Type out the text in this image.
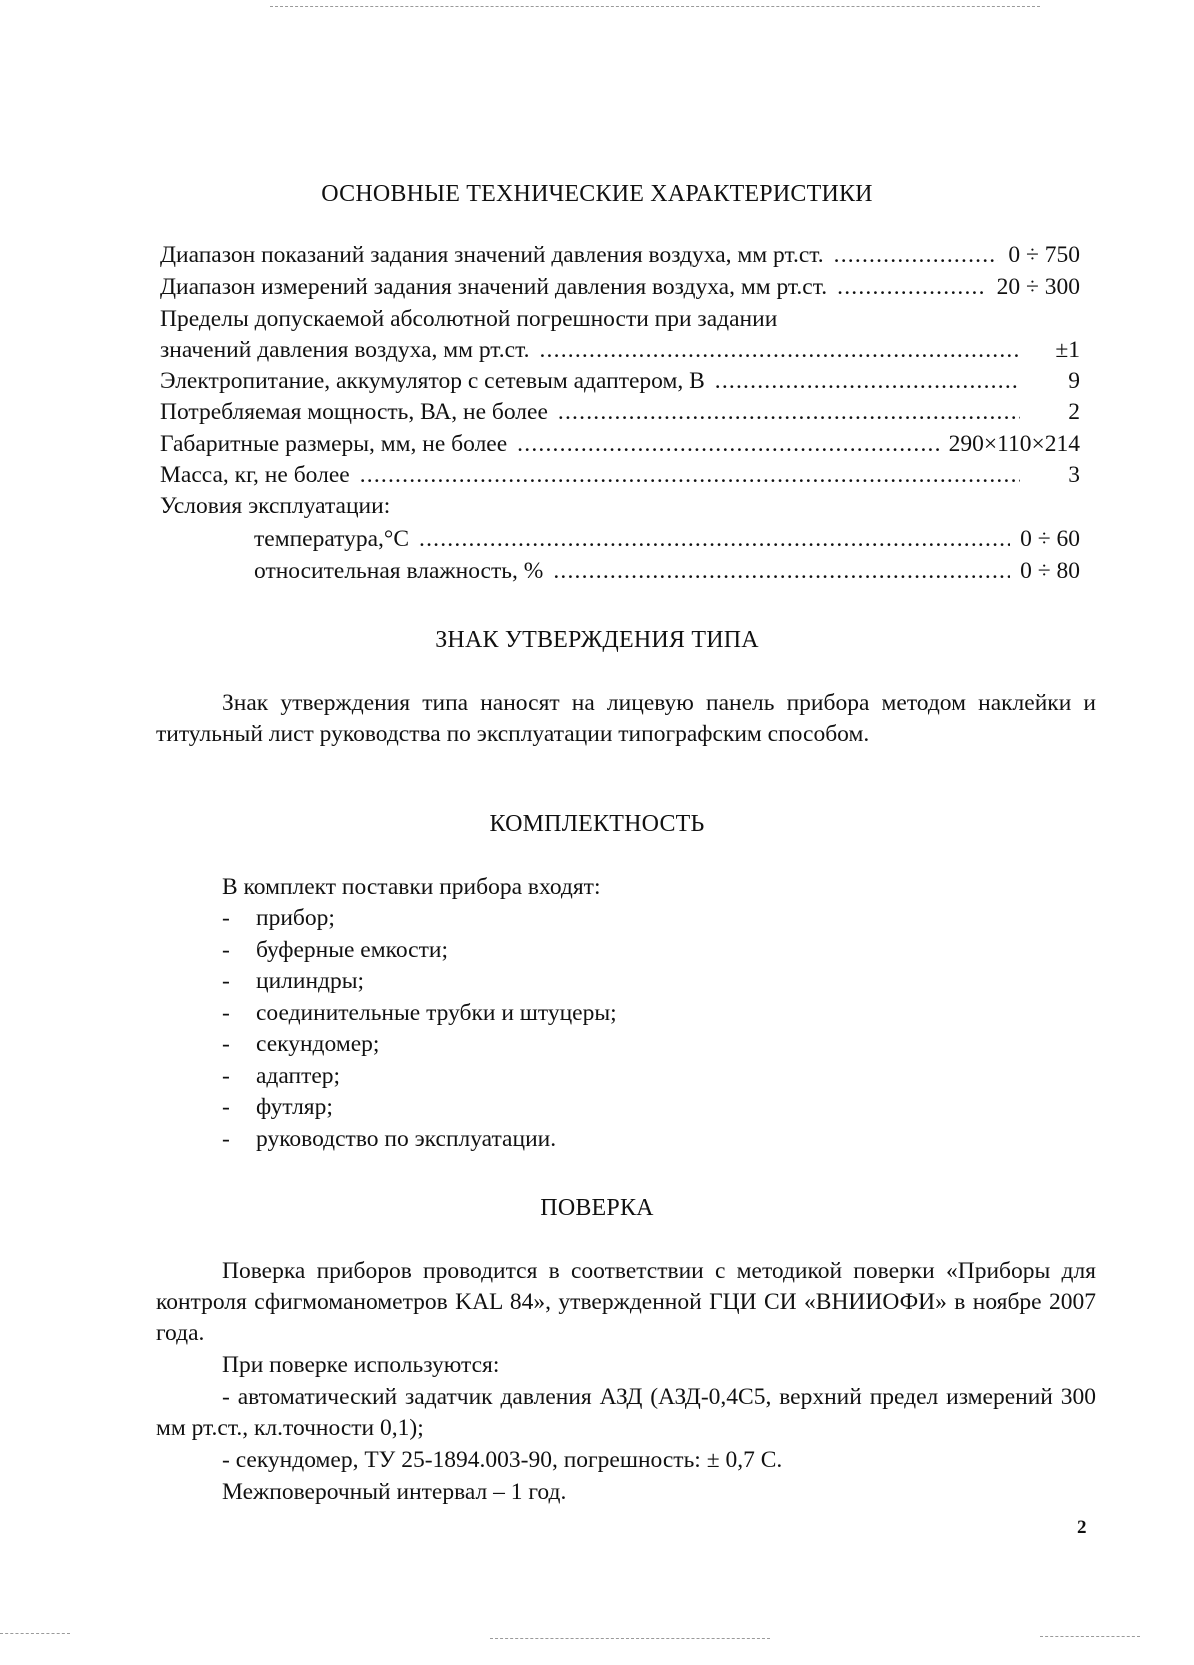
ОСНОВНЫЕ ТЕХНИЧЕСКИЕ ХАРАКТЕРИСТИКИ
Диапазон показаний задания значений давления воздуха, мм рт.ст. .....	0 ÷ 750
Диапазон измерений задания значений давления воздуха, мм рт.ст. .....	20 ÷ 300
Пределы допускаемой абсолютной погрешности при задании
значений давления воздуха, мм рт.ст. .....	±1
Электропитание, аккумулятор с сетевым адаптером, В .....	9
Потребляемая мощность, ВА, не более .....	2
Габаритные размеры, мм, не более .....	290×110×214
Масса, кг, не более .....	3
Условия эксплуатации:
температура,°С .....	0 ÷ 60
относительная влажность, % .....	0 ÷ 80
ЗНАК УТВЕРЖДЕНИЯ ТИПА

Знак утверждения типа наносят на лицевую панель прибора методом наклейки и титульный лист руководства по эксплуатации типографским способом.

КОМПЛЕКТНОСТЬ

В комплект поставки прибора входят:

-	прибор;
-	буферные емкости;
-	цилиндры;
-	соединительные трубки и штуцеры;
-	секундомер;
-	адаптер;
-	футляр;
-	руководство по эксплуатации.
ПОВЕРКА

Поверка приборов проводится в соответствии с методикой поверки «Приборы для контроля сфигмоманометров KAL 84», утвержденной ГЦИ СИ «ВНИИОФИ» в ноябре 2007 года.

При поверке используются:

- автоматический задатчик давления АЗД (АЗД-0,4С5, верхний предел измерений 300 мм рт.ст., кл.точности 0,1);

- секундомер, ТУ 25-1894.003-90, погрешность: ± 0,7 С.

Межповерочный интервал – 1 год.

2
